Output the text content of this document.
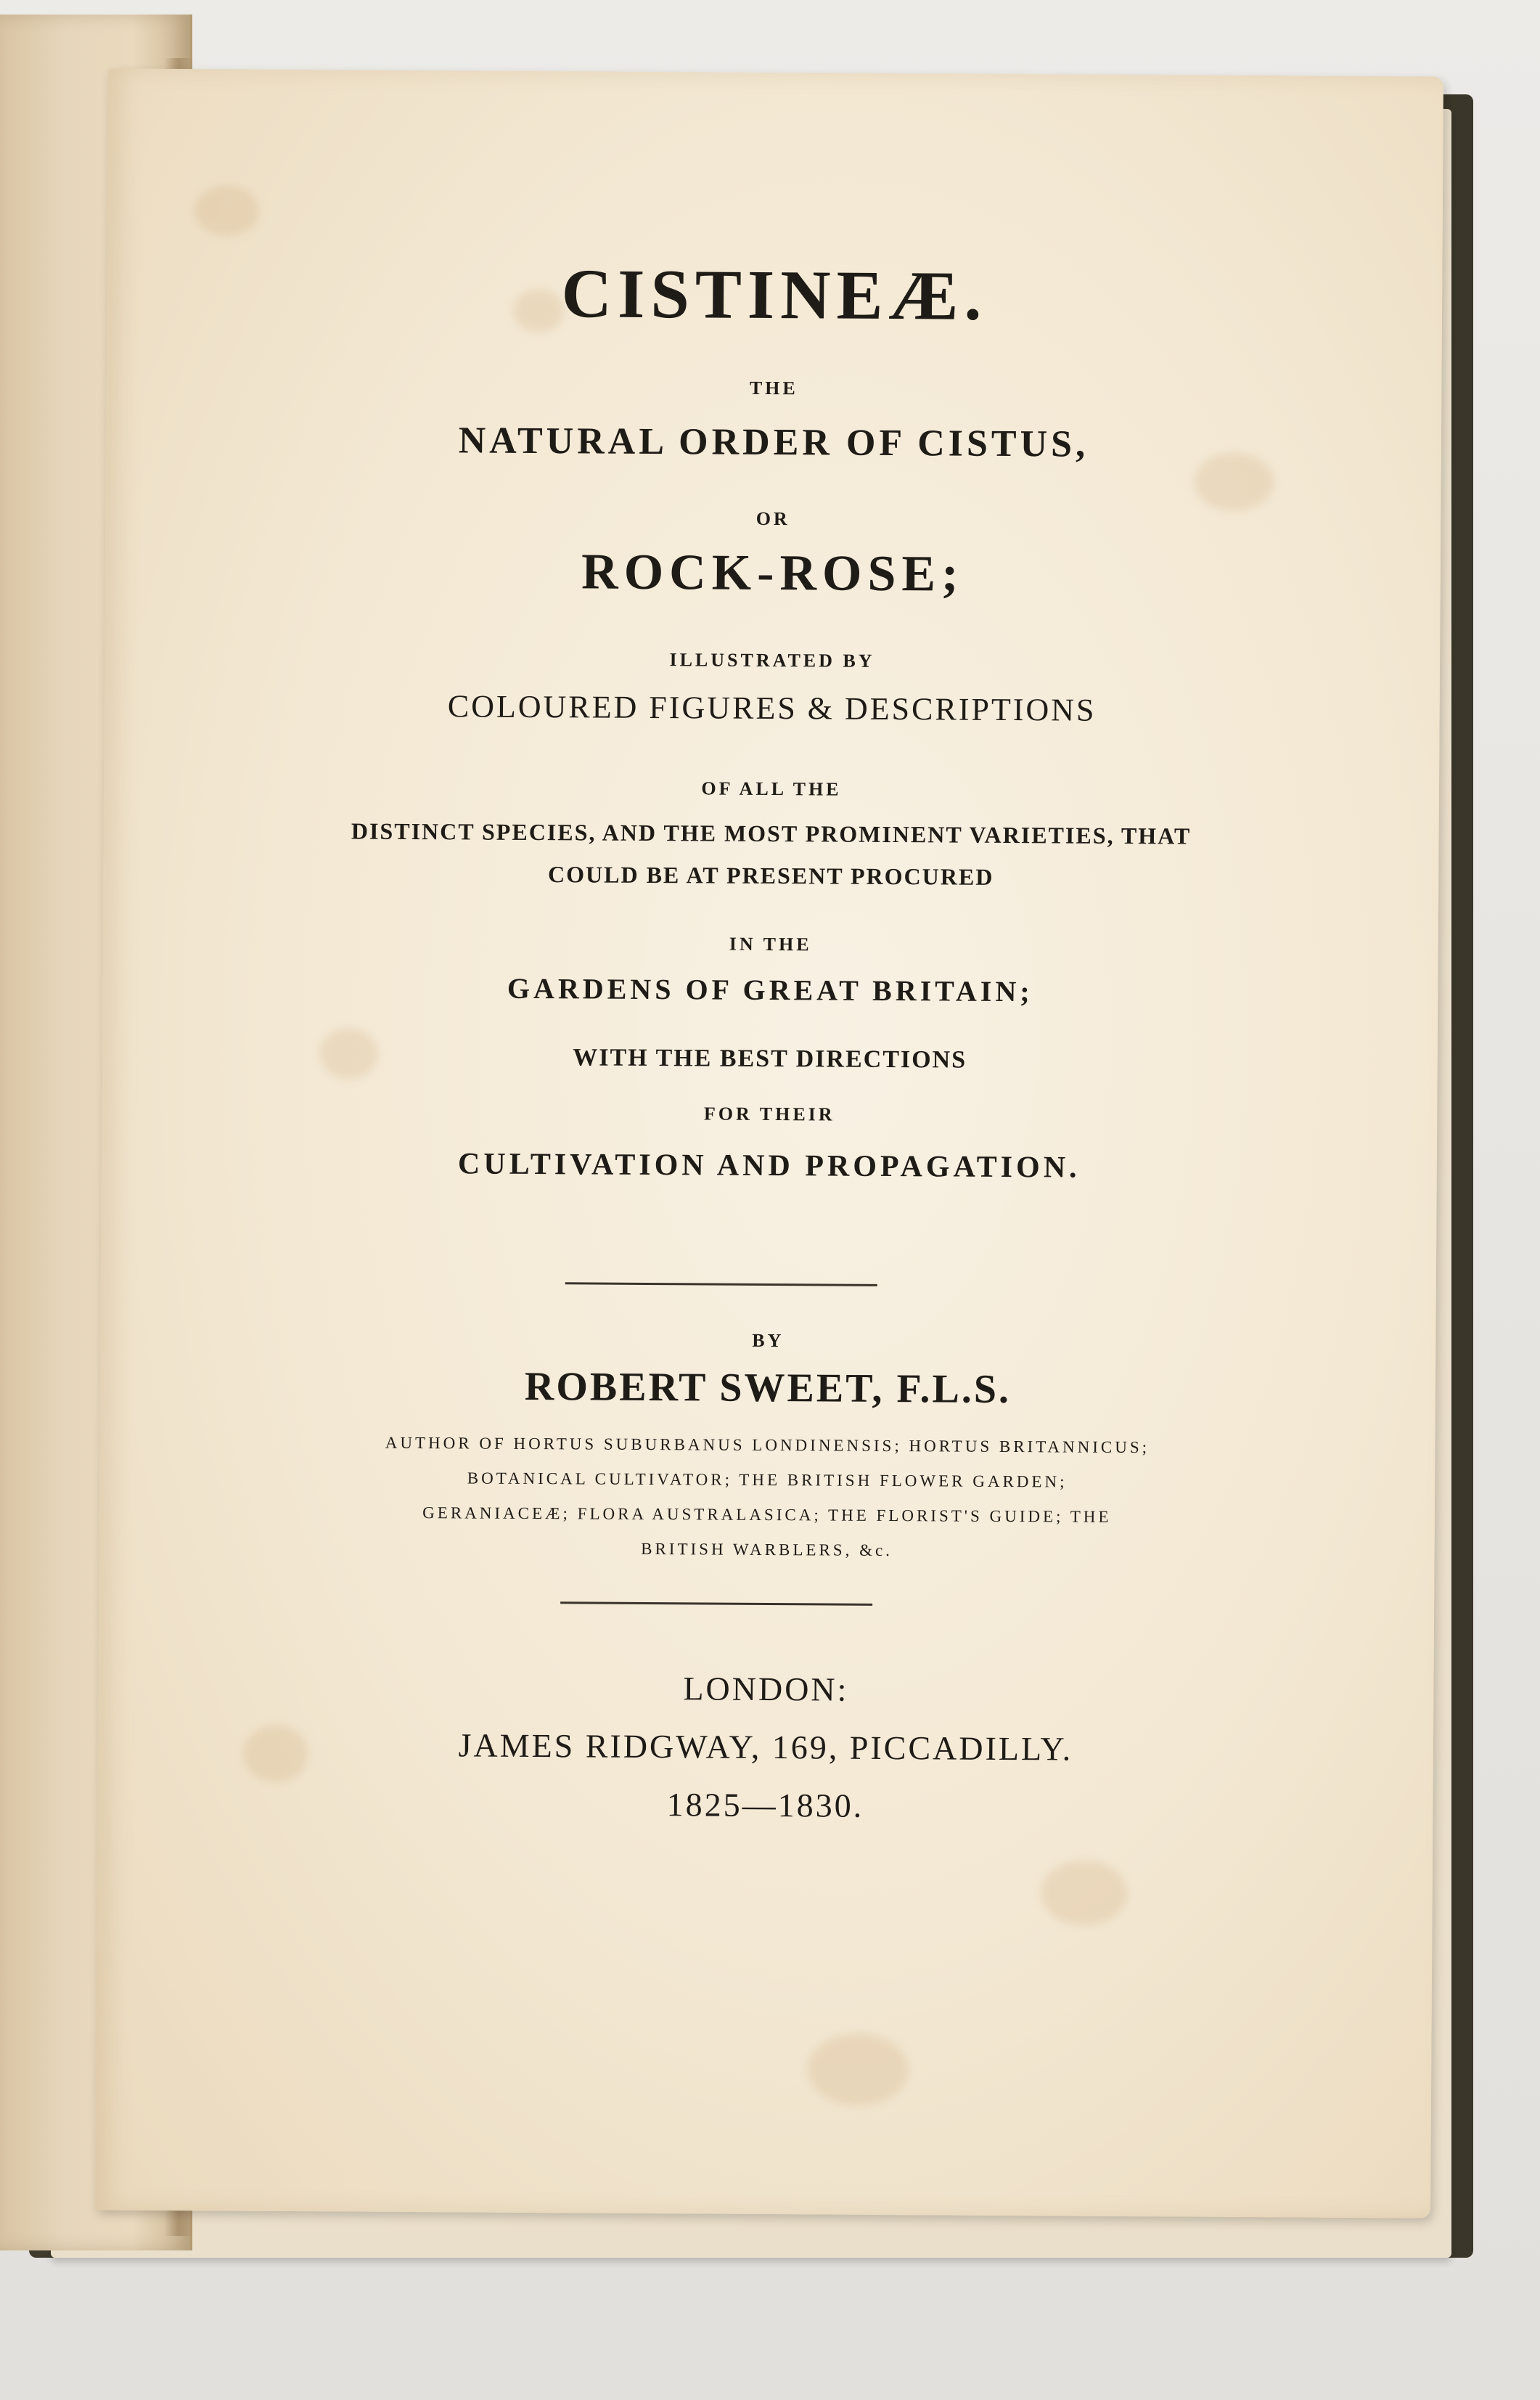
CISTINEÆ.
THE
NATURAL ORDER OF CISTUS,
OR
ROCK-ROSE;
ILLUSTRATED BY
COLOURED FIGURES & DESCRIPTIONS
OF ALL THE
DISTINCT SPECIES, AND THE MOST PROMINENT VARIETIES, THAT
COULD BE AT PRESENT PROCURED
IN THE
GARDENS OF GREAT BRITAIN;
WITH THE BEST DIRECTIONS
FOR THEIR
CULTIVATION AND PROPAGATION.
BY
ROBERT SWEET, F.L.S.
AUTHOR OF HORTUS SUBURBANUS LONDINENSIS; HORTUS BRITANNICUS;
BOTANICAL CULTIVATOR; THE BRITISH FLOWER GARDEN;
GERANIACEÆ; FLORA AUSTRALASICA; THE FLORIST'S GUIDE; THE
BRITISH WARBLERS, &c.
LONDON:
JAMES RIDGWAY, 169, PICCADILLY.
1825—1830.
